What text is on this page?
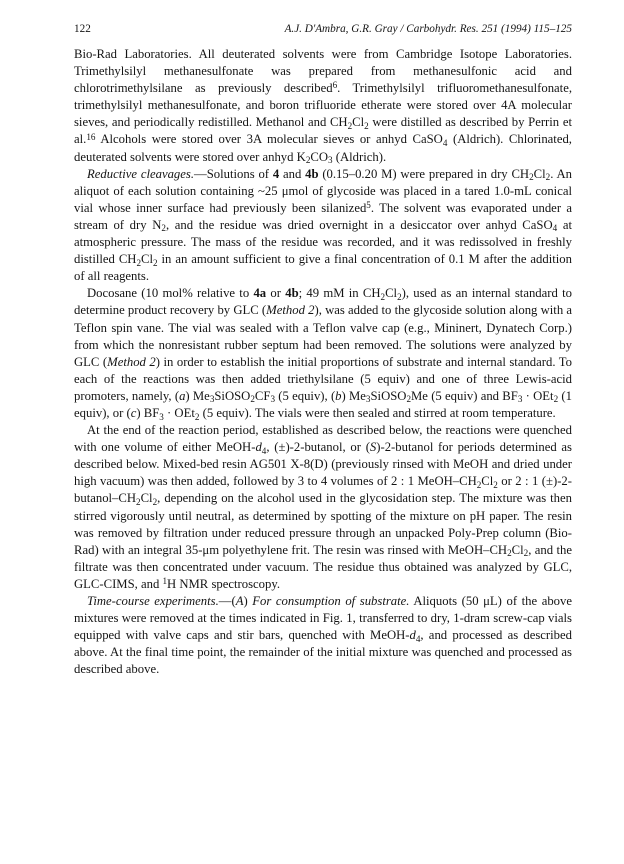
122	A.J. D'Ambra, G.R. Gray / Carbohydr. Res. 251 (1994) 115–125

Bio-Rad Laboratories. All deuterated solvents were from Cambridge Isotope Laboratories. Trimethylsilyl methanesulfonate was prepared from methanesulfonic acid and chlorotrimethylsilane as previously described$^6$. Trimethylsilyl trifluoromethanesulfonate, trimethylsilyl methanesulfonate, and boron trifluoride etherate were stored over 4A molecular sieves, and periodically redistilled. Methanol and $CH_2Cl_2$ were distilled as described by Perrin et al.$^{16}$ Alcohols were stored over 3A molecular sieves or anhyd CaSO$_4$ (Aldrich). Chlorinated, deuterated solvents were stored over anhyd $K_2CO_3$ (Aldrich).

Reductive cleavages.—Solutions of 4 and 4b (0.15–0.20 M) were prepared in dry $CH_2Cl_2$. An aliquot of each solution containing ~25 μmol of glycoside was placed in a tared 1.0-mL conical vial whose inner surface had previously been silanized$^5$. The solvent was evaporated under a stream of dry $N_2$, and the residue was dried overnight in a desiccator over anhyd CaSO$_4$ at atmospheric pressure. The mass of the residue was recorded, and it was redissolved in freshly distilled $CH_2Cl_2$ in an amount sufficient to give a final concentration of 0.1 M after the addition of all reagents.

Docosane (10 mol% relative to 4a or 4b; 49 mM in $CH_2Cl_2$), used as an internal standard to determine product recovery by GLC (Method 2), was added to the glycoside solution along with a Teflon spin vane. The vial was sealed with a Teflon valve cap (e.g., Mininert, Dynatech Corp.) from which the nonresistant rubber septum had been removed. The solutions were analyzed by GLC (Method 2) in order to establish the initial proportions of substrate and internal standard. To each of the reactions was then added triethylsilane (5 equiv) and one of three Lewis-acid promoters, namely, (a) $Me_3SiOSO_2CF_3$ (5 equiv), (b) $Me_3SiOSO_2Me$ (5 equiv) and $BF_3 \cdot OEt_2$ (1 equiv), or (c) $BF_3 \cdot OEt_2$ (5 equiv). The vials were then sealed and stirred at room temperature.

At the end of the reaction period, established as described below, the reactions were quenched with one volume of either MeOH-$d_4$, (±)-2-butanol, or (S)-2-butanol for periods determined as described below. Mixed-bed resin AG501 X-8(D) (previously rinsed with MeOH and dried under high vacuum) was then added, followed by 3 to 4 volumes of 2 : 1 MeOH–$CH_2Cl_2$ or 2 : 1 $(\pm)-2-butanol-CH_2Cl_2$, depending on the alcohol used in the glycosidation step. The mixture was then stirred vigorously until neutral, as determined by spotting of the mixture on pH paper. The resin was removed by filtration under reduced pressure through an unpacked Poly-Prep column (Bio-Rad) with an integral 35-μm polyethylene frit. The resin was rinsed with MeOH–$CH_2Cl_2$, and the filtrate was then concentrated under vacuum. The residue thus obtained was analyzed by GLC, GLC-CIMS, and $^1$H NMR spectroscopy.

Time-course experiments.—(A) For consumption of substrate. Aliquots (50 μL) of the above mixtures were removed at the times indicated in Fig. 1, transferred to dry, 1-dram screw-cap vials equipped with valve caps and stir bars, quenched with MeOH-$d_4$, and processed as described above. At the final time point, the remainder of the initial mixture was quenched and processed as described above.
